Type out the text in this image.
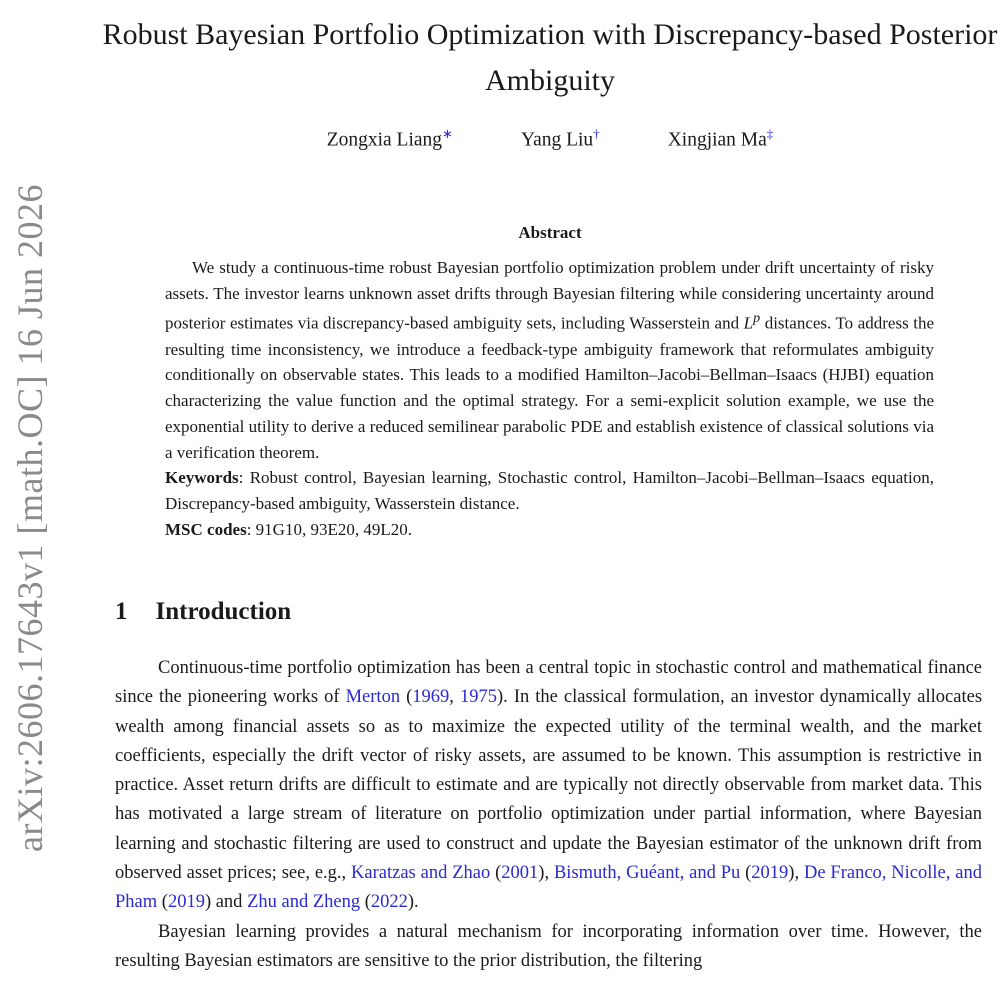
arXiv:2606.17643v1 [math.OC] 16 Jun 2026
Robust Bayesian Portfolio Optimization with Discrepancy-based Posterior Ambiguity
Zongxia Liang∗	Yang Liu†	Xingjian Ma‡
Abstract

We study a continuous-time robust Bayesian portfolio optimization problem under drift uncertainty of risky assets. The investor learns unknown asset drifts through Bayesian filtering while considering uncertainty around posterior estimates via discrepancy-based ambiguity sets, including Wasserstein and $L^p$ distances. To address the resulting time inconsistency, we introduce a feedback-type ambiguity framework that reformulates ambiguity conditionally on observable states. This leads to a modified Hamilton–Jacobi–Bellman–Isaacs (HJBI) equation characterizing the value function and the optimal strategy. For a semi-explicit solution example, we use the exponential utility to derive a reduced semilinear parabolic PDE and establish existence of classical solutions via a verification theorem.

Keywords: Robust control, Bayesian learning, Stochastic control, Hamilton–Jacobi–Bellman–Isaacs equation, Discrepancy-based ambiguity, Wasserstein distance.

MSC codes: 91G10, 93E20, 49L20.

1 Introduction

Continuous-time portfolio optimization has been a central topic in stochastic control and mathematical finance since the pioneering works of Merton (1969, 1975). In the classical formulation, an investor dynamically allocates wealth among financial assets so as to maximize the expected utility of the terminal wealth, and the market coefficients, especially the drift vector of risky assets, are assumed to be known. This assumption is restrictive in practice. Asset return drifts are difficult to estimate and are typically not directly observable from market data. This has motivated a large stream of literature on portfolio optimization under partial information, where Bayesian learning and stochastic filtering are used to construct and update the Bayesian estimator of the unknown drift from observed asset prices; see, e.g., Karatzas and Zhao (2001), Bismuth, Guéant, and Pu (2019), De Franco, Nicolle, and Pham (2019) and Zhu and Zheng (2022).

Bayesian learning provides a natural mechanism for incorporating information over time. However, the resulting Bayesian estimators are sensitive to the prior distribution, the filtering
